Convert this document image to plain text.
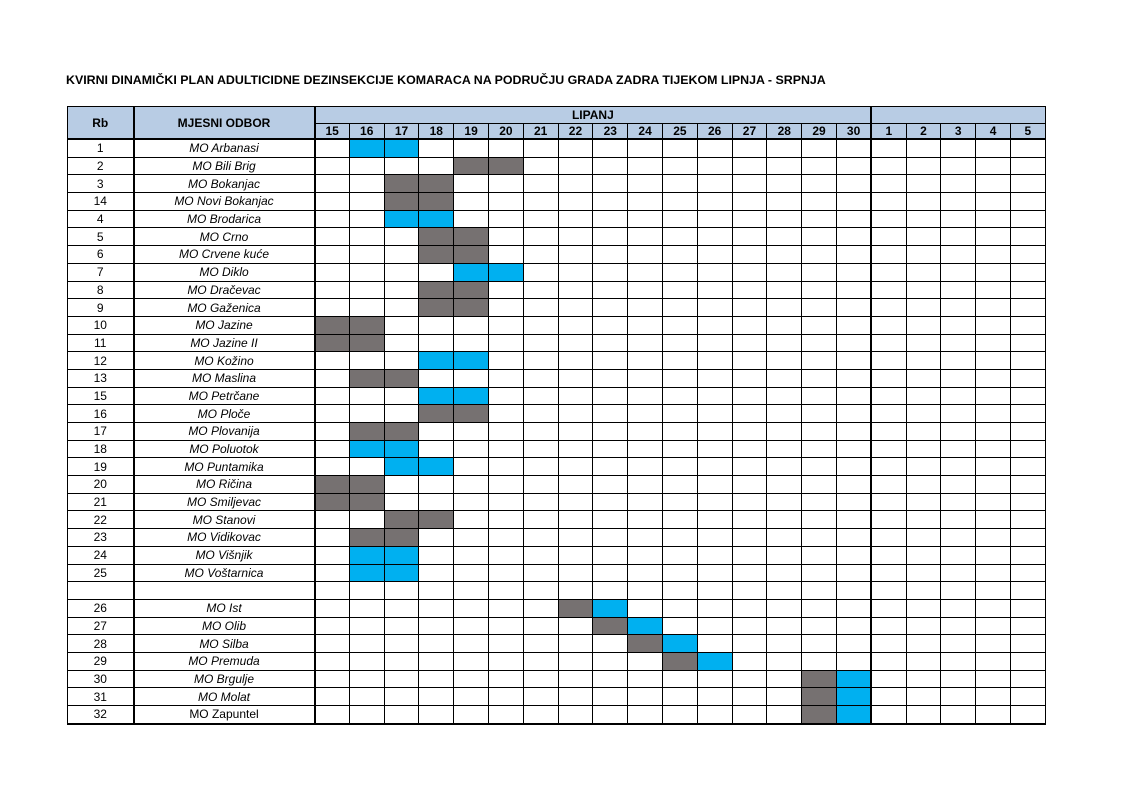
KVIRNI DINAMIČKI PLAN ADULTICIDNE DEZINSEKCIJE KOMARACA NA PODRUČJU GRADA ZADRA TIJEKOM LIPNJA - SRPNJA
Rb	MJESNI ODBOR	LIPANJ																				
		15	16	17	18	19	20	21	22	23	24	25	26	27	28	29	30	1	2	3	4	5
1	MO Arbanasi																					
2	MO Bili Brig																					
3	MO Bokanjac																					
14	MO Novi Bokanjac																					
4	MO Brodarica																					
5	MO Crno																					
6	MO Crvene kuće																					
7	MO Diklo																					
8	MO Dračevac																					
9	MO Gaženica																					
10	MO Jazine																					
11	MO Jazine II																					
12	MO Kožino																					
13	MO Maslina																					
15	MO Petrčane																					
16	MO Ploče																					
17	MO Plovanija																					
18	MO Poluotok																					
19	MO Puntamika																					
20	MO Ričina																					
21	MO Smiljevac																					
22	MO Stanovi																					
23	MO Vidikovac																					
24	MO Višnjik																					
25	MO Voštarnica																					

26	MO Ist																					
27	MO Olib																					
28	MO Silba																					
29	MO Premuda																					
30	MO Brgulje																					
31	MO Molat																					
32	MO Zapuntel																					
